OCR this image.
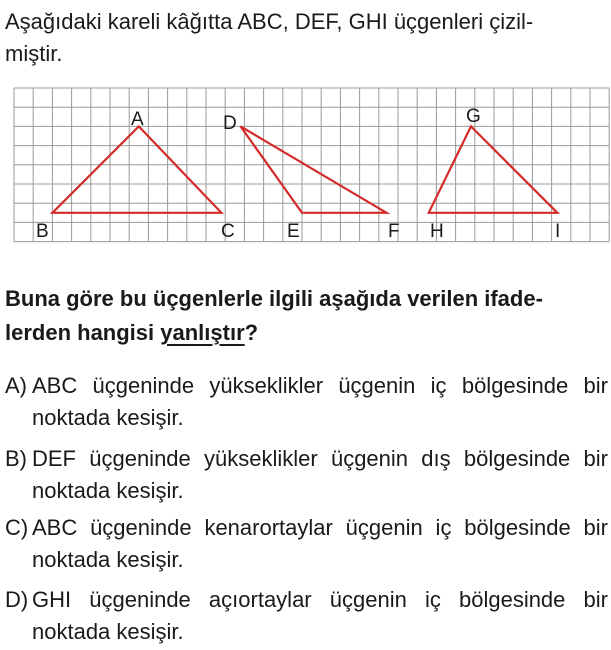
Aşağıdaki kareli kâğıtta ABC, DEF, GHI üçgenleri çizil-
miştir.
A
B	C
D
E	F
G
H	I
Buna göre bu üçgenlerle ilgili aşağıda verilen ifade-
lerden hangisi yanlıştır?
A) ABC üçgeninde yükseklikler üçgenin iç bölgesinde bir noktada kesişir.
B) DEF üçgeninde yükseklikler üçgenin dış bölgesinde bir noktada kesişir.
C) ABC üçgeninde kenarortaylar üçgenin iç bölgesinde bir noktada kesişir.
D) GHI üçgeninde açıortaylar üçgenin iç bölgesinde bir noktada kesişir.
